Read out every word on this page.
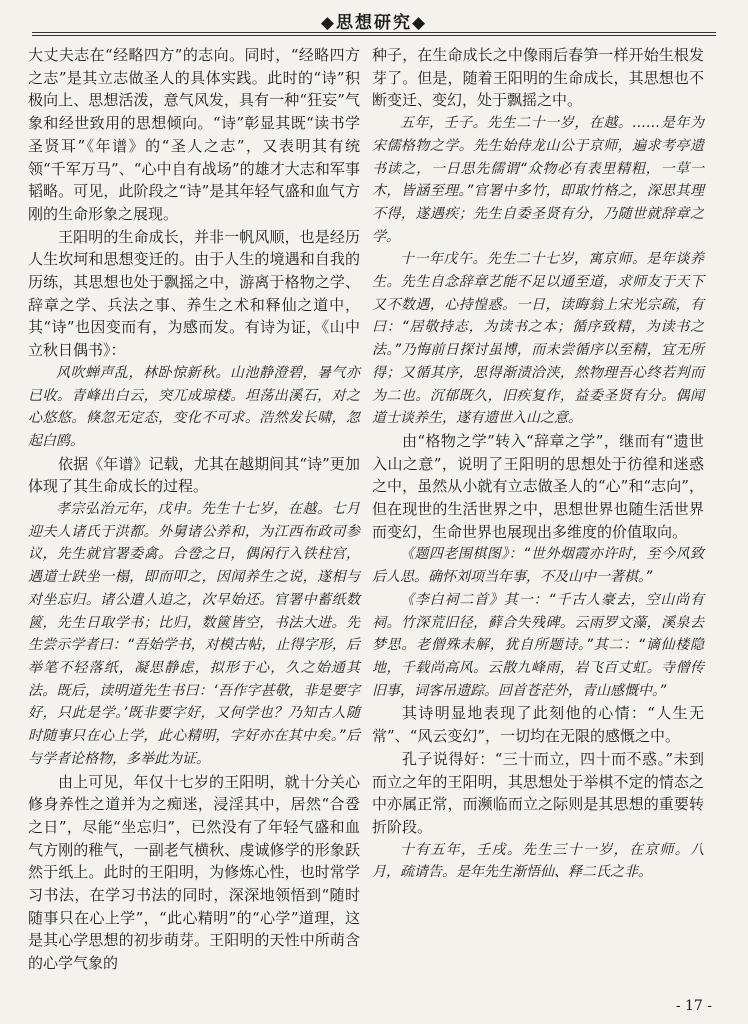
◆思想研究◆

大丈夫志在“经略四方”的志向。同时，“经略四方之志”是其立志做圣人的具体实践。此时的“诗”积极向上、思想活泼，意气风发，具有一种“狂妄”气象和经世致用的思想倾向。“诗”彰显其既“读书学圣贤耳”《年谱》的“圣人之志”，又表明其有统领“千军万马”、“心中自有战场”的雄才大志和军事韬略。可见，此阶段之“诗”是其年轻气盛和血气方刚的生命形象之展现。

王阳明的生命成长，并非一帆风顺，也是经历人生坎坷和思想变迁的。由于人生的境遇和自我的历练，其思想也处于飘摇之中，游离于格物之学、辞章之学、兵法之事、养生之术和释仙之道中，其“诗”也因变而有，为感而发。有诗为证，《山中立秋日偶书》：

风吹蝉声乱，林卧惊新秋。山池静澄碧，暑气亦已收。青峰出白云，突兀成琼楼。坦荡出溪石，对之心悠悠。倏忽无定态，变化不可求。浩然发长啸，忽起白鸥。

依据《年谱》记载，尤其在越期间其“诗”更加体现了其生命成长的过程。

孝宗弘治元年，戊申。先生十七岁，在越。七月迎夫人诸氏于洪都。外舅诸公养和，为江西布政司参议，先生就官署委禽。合卺之日，偶闲行入铁柱宫，遇道士趺坐一榻，即而叩之，因闻养生之说，遂相与对坐忘归。诸公遣人追之，次早始还。官署中蓄纸数篋，先生日取学书；比归，数篋皆空，书法大进。先生尝示学者曰：“吾始学书，对模古帖，止得字形，后举笔不轻落纸，凝思静虑，拟形于心，久之始通其法。既后，读明道先生书曰：‘吾作字甚敬，非是要字好，只此是学。’既非要字好，又何学也？乃知古人随时随事只在心上学，此心精明，字好亦在其中矣。”后与学者论格物，多举此为证。

由上可见，年仅十七岁的王阳明，就十分关心修身养性之道并为之痴迷，浸淫其中，居然“合卺之日”，尽能“坐忘归”，已然没有了年轻气盛和血气方刚的稚气，一副老气横秋、虔诚修学的形象跃然于纸上。此时的王阳明，为修炼心性，也时常学习书法，在学习书法的同时，深深地领悟到“随时随事只在心上学”，“此心精明”的“心学”道理，这是其心学思想的初步萌芽。王阳明的天性中所萌含的心学气象的

种子，在生命成长之中像雨后春笋一样开始生根发芽了。但是，随着王阳明的生命成长，其思想也不断变迁、变幻，处于飘摇之中。

五年，壬子。先生二十一岁，在越。……是年为宋儒格物之学。先生始侍龙山公于京师，遍求考亭遗书读之，一日思先儒谓“众物必有表里精粗，一草一木，皆涵至理。”官署中多竹，即取竹格之，深思其理不得，遂遇疾；先生自委圣贤有分，乃随世就辞章之学。

十一年戊午。先生二十七岁，寓京师。是年谈养生。先生自念辞章艺能不足以通至道，求师友于天下又不数遇，心持惶惑。一日，读晦翁上宋光宗疏，有曰：“居敬持志，为读书之本；循序致精，为读书之法。”乃悔前日探讨虽博，而未尝循序以至精，宜无所得；又循其序，思得渐渍洽浃，然物理吾心终若判而为二也。沉郁既久，旧疾复作，益委圣贤有分。偶闻道士谈养生，遂有遗世入山之意。

由“格物之学”转入“辞章之学”，继而有“遗世入山之意”，说明了王阳明的思想处于彷徨和迷惑之中，虽然从小就有立志做圣人的“心”和“志向”，但在现世的生活世界之中，思想世界也随生活世界而变幻，生命世界也展现出多维度的价值取向。

《题四老围棋图》：“世外烟霞亦许时，至今风致后人思。确怀刘项当年事，不及山中一著棋。”

《李白祠二首》其一：“千古人豪去，空山尚有祠。竹深荒旧径，藓合失残碑。云雨罗文藻，溪泉去梦思。老僧殊未解，犹自所题诗。”其二：“谪仙楼隐地，千载尚高风。云散九峰雨，岩飞百丈虹。寺僧传旧事，词客吊遗踪。回首苍茫外，青山感慨中。”

其诗明显地表现了此刻他的心情：“人生无常”、“风云变幻”，一切均在无限的感慨之中。

孔子说得好：“三十而立，四十而不惑。”未到而立之年的王阳明，其思想处于举棋不定的情态之中亦属正常，而濒临而立之际则是其思想的重要转折阶段。

十有五年，壬戌。先生三十一岁，在京师。八月，疏请告。是年先生渐悟仙、释二氏之非。

- 17 -
